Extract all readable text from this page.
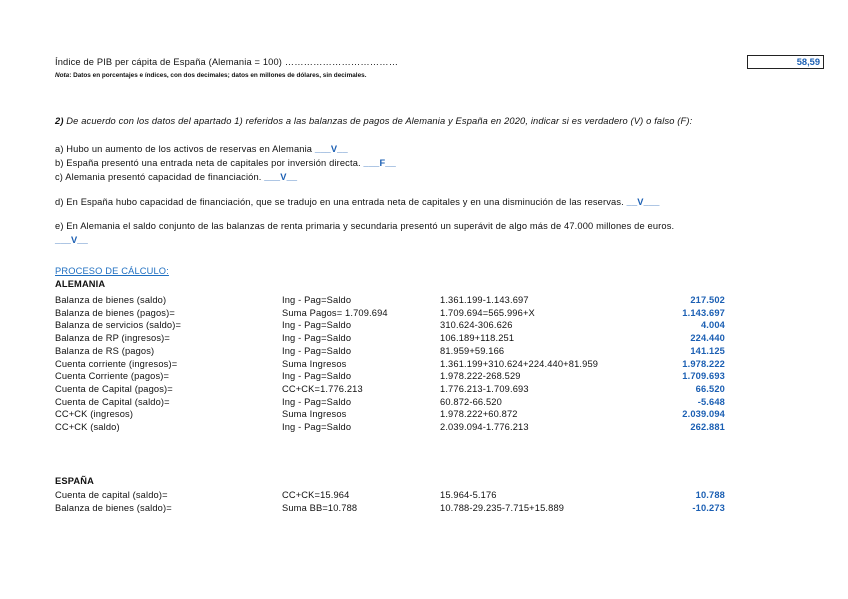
Índice de PIB per cápita de España (Alemania = 100) ………………………………	58,59
Nota: Datos en porcentajes e índices, con dos decimales; datos en millones de dólares, sin decimales.
2) De acuerdo con los datos del apartado 1) referidos a las balanzas de pagos de Alemania y España en 2020, indicar si es verdadero (V) o falso (F):
a) Hubo un aumento de los activos de reservas en Alemania ___V__
b) España presentó una entrada neta de capitales por inversión directa. ___F__
c) Alemania presentó capacidad de financiación. ___V__
d) En España hubo capacidad de financiación, que se tradujo en una entrada neta de capitales y en una disminución de las reservas. __V___
e) En Alemania el saldo conjunto de las balanzas de renta primaria y secundaria presentó un superávit de algo más de 47.000 millones de euros.
___V__
PROCESO DE CÁLCULO:
ALEMANIA
Balanza de bienes (saldo)	Ing - Pag=Saldo	1.361.199-1.143.697	217.502
Balanza de bienes (pagos)=	Suma Pagos= 1.709.694	1.709.694=565.996+X	1.143.697
Balanza de servicios (saldo)=	Ing - Pag=Saldo	310.624-306.626	4.004
Balanza de RP (ingresos)=	Ing - Pag=Saldo	106.189+118.251	224.440
Balanza de RS (pagos)	Ing - Pag=Saldo	81.959+59.166	141.125
Cuenta corriente (ingresos)=	Suma Ingresos	1.361.199+310.624+224.440+81.959	1.978.222
Cuenta Corriente (pagos)=	Ing - Pag=Saldo	1.978.222-268.529	1.709.693
Cuenta de Capital (pagos)=	CC+CK=1.776.213	1.776.213-1.709.693	66.520
Cuenta de Capital (saldo)=	Ing - Pag=Saldo	60.872-66.520	-5.648
CC+CK (ingresos)	Suma Ingresos	1.978.222+60.872	2.039.094
CC+CK (saldo)	Ing - Pag=Saldo	2.039.094-1.776.213	262.881
ESPAÑA
Cuenta de capital (saldo)=	CC+CK=15.964	15.964-5.176	10.788
Balanza de bienes (saldo)=	Suma BB=10.788	10.788-29.235-7.715+15.889	-10.273
